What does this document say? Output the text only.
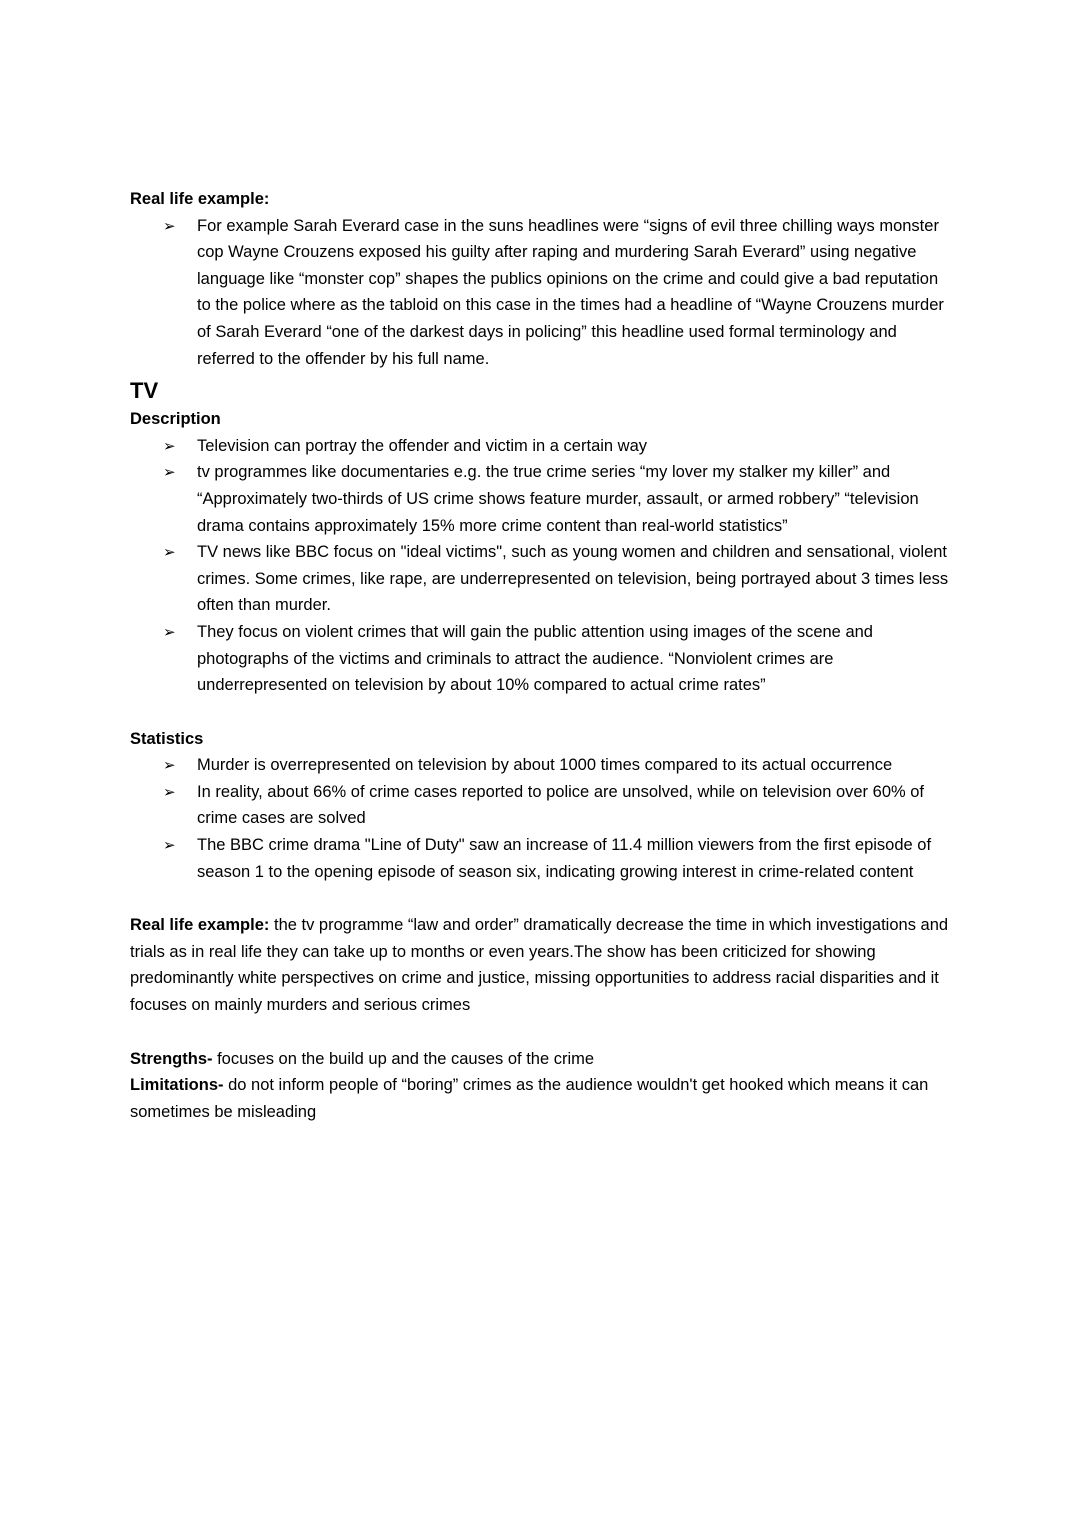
Real life example:

➢ For example Sarah Everard case in the suns headlines were “signs of evil three chilling ways monster cop Wayne Crouzens exposed his guilty after raping and murdering Sarah Everard” using negative language like “monster cop” shapes the publics opinions on the crime and could give a bad reputation to the police where as the tabloid on this case in the times had a headline of “Wayne Crouzens murder of Sarah Everard “one of the darkest days in policing” this headline used formal terminology and referred to the offender by his full name.
TV

Description

➢ Television can portray the offender and victim in a certain way
➢ tv programmes like documentaries e.g. the true crime series “my lover my stalker my killer” and “Approximately two-thirds of US crime shows feature murder, assault, or armed robbery” “television drama contains approximately 15% more crime content than real-world statistics”
➢ TV news like BBC focus on "ideal victims", such as young women and children and sensational, violent crimes. Some crimes, like rape, are underrepresented on television, being portrayed about 3 times less often than murder.
➢ They focus on violent crimes that will gain the public attention using images of the scene and photographs of the victims and criminals to attract the audience. “Nonviolent crimes are underrepresented on television by about 10% compared to actual crime rates”

Statistics

➢ Murder is overrepresented on television by about 1000 times compared to its actual occurrence
➢ In reality, about 66% of crime cases reported to police are unsolved, while on television over 60% of crime cases are solved
➢ The BBC crime drama "Line of Duty" saw an increase of 11.4 million viewers from the first episode of season 1 to the opening episode of season six, indicating growing interest in crime-related content

Real life example: the tv programme “law and order” dramatically decrease the time in which investigations and trials as in real life they can take up to months or even years.The show has been criticized for showing predominantly white perspectives on crime and justice, missing opportunities to address racial disparities and it focuses on mainly murders and serious crimes

Strengths- focuses on the build up and the causes of the crime

Limitations- do not inform people of “boring” crimes as the audience wouldn't get hooked which means it can sometimes be misleading
